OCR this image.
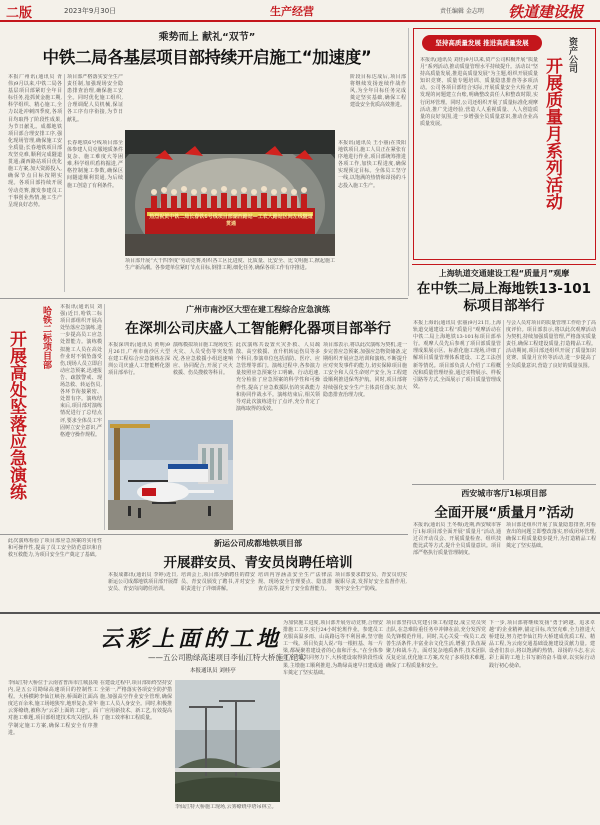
二版	2023年9月30日	生产经营	责任编辑 金志明 铁道建设报
乘势而上 献礼“双节”
中铁二局各基层项目部持续开启施工“加速度”
本报广州讯(通讯员 胥伟)9月以来,中铁二局各基层项目部紧盯全年目标任务,抢抓黄金施工期,科学组织、精心施工,全力以赴冲刺四季度,各项目均取得了阶段性成果,为节日献礼。成都地铁项目部合理安排工序,强化现场管理,确保施工安全质量;长春地铁项目部攻坚克难,顺利完成隧道贯通;湖西路站项目优化施工方案,加大资源投入,确保节点目标按期实现。各项目部持续开展劳动竞赛,激发参建员工干事创业热情,施工生产呈现良好态势。
项目部严格落实安全生产责任制,加强现场安全隐患排查治理,确保施工安全。同时优化施工组织,合理调配人员机械,保证各工序有序衔接,为节日献礼。
阶段目标达成后,项目部将继续发扬连续作战作风,为全年目标任务完成奠定坚实基础,确保工程建设安全优质高效推进。
热烈祝贺中铁二局长春铁6号线项目部湖西路站—工农大路站区间左线隧道贯通
长春地铁6号线项目部全体参建人员克服地质条件复杂、施工难度大等困难,科学组织盾构掘进,严格控制施工参数,确保区间隧道顺利贯通,为后续施工创造了有利条件。
项目部开展“大干四季度”劳动竞赛,组织各工区比进度、比质量、比安全、比文明施工,掀起施工生产新高潮。各参建单位紧盯节点目标,倒排工期,细化任务,确保各项工作有序推进。
本报讯(通讯员 王小丽)在贵阳地铁项目,施工人员正在紧张有序地进行作业,项目部统筹推进各项工作,加快工程进度,确保实现预定目标。全体员工坚守一线,以饱满的热情和昂扬的斗志投入施工生产。
坚持高质量发展 推进高质量发展	资产公司
开展质量月系列活动
本报讯(通讯员 刘佳)9月以来,资产公司积极开展“质量月”系列活动,推动质量管理水平持续提升。活动以“坚持高质量发展,推进高质量发展”为主题,组织开展质量知识竞赛、质量专题培训、质量隐患排查等多项活动。公司各项目部结合实际,开展质量安全大检查,对发现的问题建立台账,明确整改责任人和整改时限,实行闭环管理。同时,公司还组织开展了质量标准化观摩活动,推广先进经验,营造人人重视质量、人人创造质量的良好氛围,进一步增强全员质量意识,推动企业高质量发展。
上海轨道交通建设工程“质量月”观摩
在中铁二局上海地铁13-101标项目部举行
本报上海讯(通讯员 张丽)9月21日,上海轨道交通建设工程“质量月”观摩活动在中铁二局上海地铁13-101标项目部举行。观摩人员先后参观了项目部质量管理成果展示区、标准化施工现场,详细了解项目质量管理体系建设、工艺工法创新等情况。项目部负责人介绍了工程概况和质量管理经验,通过实物展示、样板引路等方式,全面展示了项目质量管理成效。
与会人员对项目的质量管理工作给予了高度评价。项目部表示,将以此次观摩活动为契机,持续加强质量管理,严格落实质量责任,确保工程建设质量,打造精品工程。活动期间,项目部还组织开展了质量知识竞赛、质量月宣传等活动,进一步提高了全员质量意识,营造了良好的质量氛围。
西安城市客厅1标项目部
全面开展“质量月”活动
本报讯(通讯员 王冬梅)近期,西安城市客厅1标项目部全面开展“质量月”活动,通过召开动员会、开展质量检查、组织技能比武等方式,提升全员质量意识。项目部严格执行质量管理制度。
项目部还组织开展了质量隐患排查,对检查出的问题立即整改落实,形成闭环管理,确保工程质量稳步提升,为打造精品工程奠定了坚实基础。
哈铁二标项目部
开展高处坠落应急演练
本报讯(通讯员 刘强)近日,哈铁二标项目部组织开展高处坠落应急演练,进一步提高员工应急处置能力。演练模拟施工人员在高处作业时不慎坠落受伤,现场人员立即启动应急预案,迅速报告、疏散警戒、现场急救、转运伤员,各环节衔接紧密、处置有序。演练结束后,项目部对演练情况进行了总结点评,要求全体员工牢固树立安全意识,严格遵守操作规程。
广州市南沙区大型在建工程综合应急演练
在深圳公司庆盛人工智能孵化器项目部举行
本报深圳讯(通讯员 黄明)9月26日,广州市南沙区大型在建工程综合应急演练在深圳公司庆盛人工智能孵化器项目部举行。
演练模拟项目施工现场发生火灾、人员受伤等突发情况,各应急救援小组迅速响应、协同配合,开展了灭火救援、伤员搜救等科目。
此次演练共设置火灾扑救、人员疏散、高空救援、直升机转运伤员等多个科目,参演单位包括消防、医疗、应急管理等部门。演练过程中,各参演力量按照应急预案分工明确、行动迅速,充分检验了应急预案的科学性和可操作性,提高了应急救援队伍的实战能力和协同作战水平。演练结束后,相关领导对此次演练进行了点评,充分肯定了演练取得的成效。
项目部表示,将以此次演练为契机,进一步完善应急预案,加强应急物资储备,定期组织开展应急培训和演练,不断提升应对突发事件的能力,切实保障项目施工安全和人员生命财产安全,为工程建设顺利推进保驾护航。同时,项目部将持续强化安全生产主体责任落实,加大隐患排查治理力度。
新运公司成都地铁项目部
开展群安员、青安员岗聘任培训
此次演练检验了项目部应急预案的实用性和可操作性,提高了员工安全防范意识和自救互救能力,为项目安全生产奠定了基础。
本报成都讯(通讯员 李婷)近日,新运公司成都地铁项目部开展群安员、青安岗岗聘任培训。
培训会上,项目部为新聘任的群安员、青安员颁发了聘书,并对安全职责进行了详细讲解。
培训内容涵盖安全生产法律法规、现场安全管理要点、隐患排查方法等,提升了安全监督能力。
项目部要求群安员、青安员切实履职尽责,发挥好安全监督作用,筑牢安全生产防线。
云彩上面的工地
——五公司勘绿高速项目李仙江特大桥施工纪实
本报通讯员 刘桂亭
李仙江特大桥位于云南省普洱市江城县境内,是五公司勘绿高速项目的控制性工程。大桥横跨李仙江峡谷,桥面距江面高度达百余米,施工场地狭窄,地形复杂,常年云雾缭绕,被称为“云彩上面的工地”。面对施工难题,项目部组建技术攻关团队,科学制定施工方案,确保工程安全有序推进。
在建设过程中,项目部始终坚持安全第一,严格落实各项安全防护措施,加强高空作业安全管理,确保施工人员人身安全。同时,积极推广应用新技术、新工艺,有效提高了施工效率和工程质量。
李仙江特大桥施工现场,云雾缭绕中塔吊林立。
为加快施工进度,项目部开展劳动竞赛,合理安排施工工序,实行24小时轮班作业。参建员工克服高温多雨、山高路远等不利因素,坚守施工一线。项目负责人说:“每一根桩基、每一片梁,都凝聚着建设者的心血和汗水。”在全体参建人员的共同努力下,大桥建设取得阶段性成果,主墩施工顺利推进,为勘绿高速早日建成通车奠定了坚实基础。
项目部坚持以党建引领工程建设,成立党员突击队,在急难险重任务中冲锋在前,充分发挥党员先锋模范作用。同时,关心关爱一线员工,改善生活条件,丰富业余文化生活,增强了队伍凝聚力和战斗力。面对复杂地质条件,技术团队反复论证,优化施工方案,攻克了多项技术难题,确保了工程质量和安全。
下一步,项目部将继续发扬“勇于跨越、追求卓越”的企业精神,锚定目标,攻坚克难,全力推进大桥建设,努力把李仙江特大桥建成优质工程、精品工程,为云南交通基础设施建设贡献力量。建设者们表示,将以饱满的热情、昂扬的斗志,在云彩上面的工地上书写新的奋斗篇章,以实际行动践行初心使命。
